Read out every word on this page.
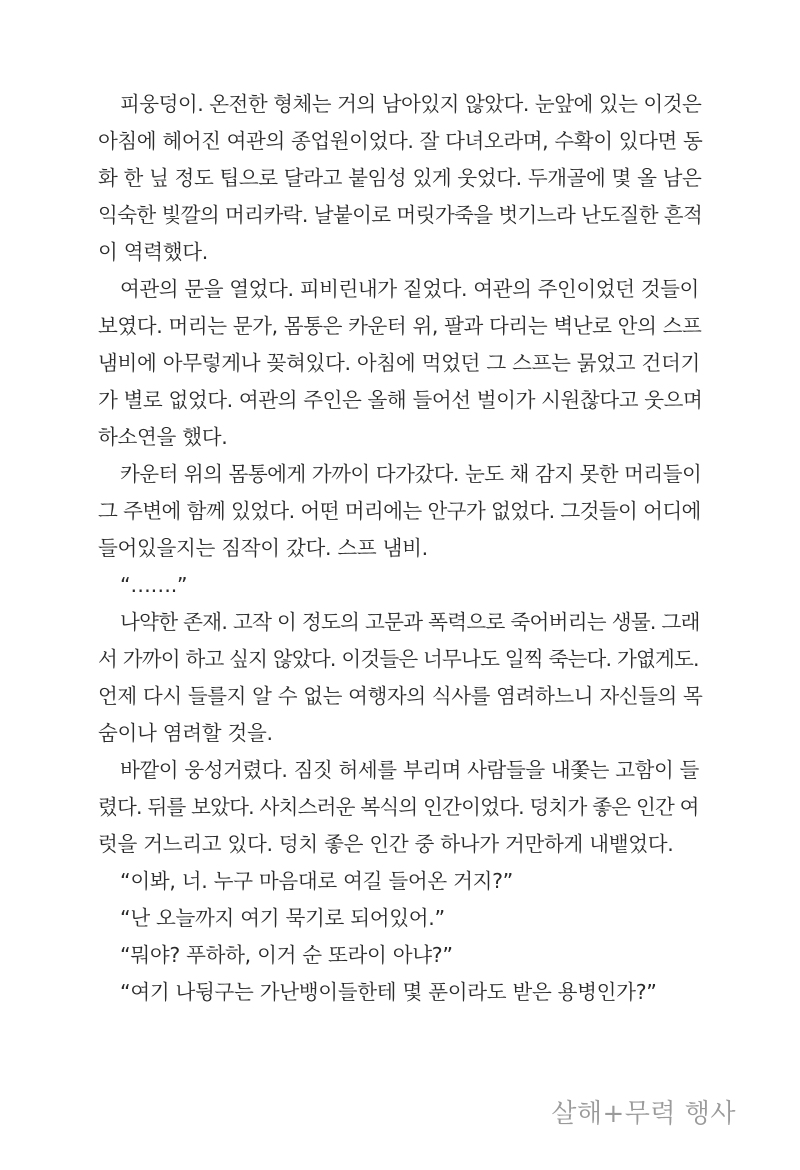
피웅덩이. 온전한 형체는 거의 남아있지 않았다. 눈앞에 있는 이것은
아침에 헤어진 여관의 종업원이었다. 잘 다녀오라며, 수확이 있다면 동
화 한 닢 정도 팁으로 달라고 붙임성 있게 웃었다. 두개골에 몇 올 남은
익숙한 빛깔의 머리카락. 날붙이로 머릿가죽을 벗기느라 난도질한 흔적
이 역력했다.
여관의 문을 열었다. 피비린내가 짙었다. 여관의 주인이었던 것들이
보였다. 머리는 문가, 몸통은 카운터 위, 팔과 다리는 벽난로 안의 스프
냄비에 아무렇게나 꽂혀있다. 아침에 먹었던 그 스프는 묽었고 건더기
가 별로 없었다. 여관의 주인은 올해 들어선 벌이가 시원찮다고 웃으며
하소연을 했다.
카운터 위의 몸통에게 가까이 다가갔다. 눈도 채 감지 못한 머리들이
그 주변에 함께 있었다. 어떤 머리에는 안구가 없었다. 그것들이 어디에
들어있을지는 짐작이 갔다. 스프 냄비.
“…….”
나약한 존재. 고작 이 정도의 고문과 폭력으로 죽어버리는 생물. 그래
서 가까이 하고 싶지 않았다. 이것들은 너무나도 일찍 죽는다. 가엾게도.
언제 다시 들를지 알 수 없는 여행자의 식사를 염려하느니 자신들의 목
숨이나 염려할 것을.
바깥이 웅성거렸다. 짐짓 허세를 부리며 사람들을 내쫓는 고함이 들
렸다. 뒤를 보았다. 사치스러운 복식의 인간이었다. 덩치가 좋은 인간 여
럿을 거느리고 있다. 덩치 좋은 인간 중 하나가 거만하게 내뱉었다.
“이봐, 너. 누구 마음대로 여길 들어온 거지?”
“난 오늘까지 여기 묵기로 되어있어.”
“뭐야? 푸하하, 이거 순 또라이 아냐?”
“여기 나뒹구는 가난뱅이들한테 몇 푼이라도 받은 용병인가?”
살해+무력 행사
